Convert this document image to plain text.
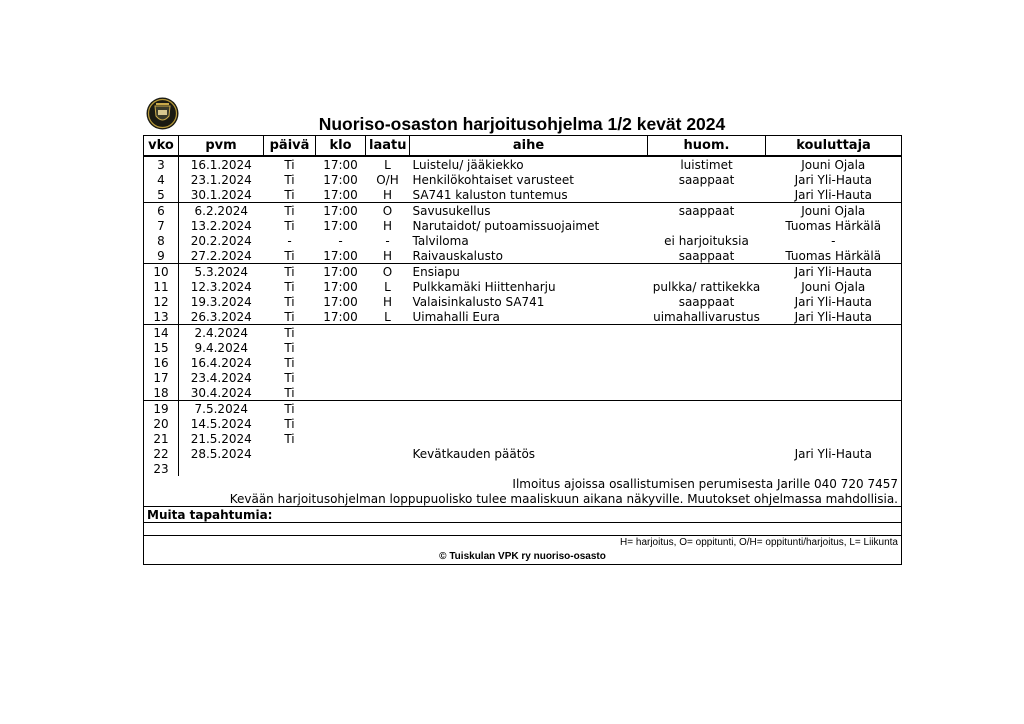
Nuoriso-osaston harjoitusohjelma 1/2 kevät 2024
vko	pvm	päivä	klo	laatu	aihe	huom.	kouluttaja
3	16.1.2024	Ti	17:00	L	Luistelu/ jääkiekko	luistimet	Jouni Ojala
4	23.1.2024	Ti	17:00	O/H	Henkilökohtaiset varusteet	saappaat	Jari Yli-Hauta
5	30.1.2024	Ti	17:00	H	SA741 kaluston tuntemus		Jari Yli-Hauta
6	6.2.2024	Ti	17:00	O	Savusukellus	saappaat	Jouni Ojala
7	13.2.2024	Ti	17:00	H	Narutaidot/ putoamissuojaimet		Tuomas Härkälä
8	20.2.2024	-	-	-	Talviloma	ei harjoituksia	-
9	27.2.2024	Ti	17:00	H	Raivauskalusto	saappaat	Tuomas Härkälä
10	5.3.2024	Ti	17:00	O	Ensiapu		Jari Yli-Hauta
11	12.3.2024	Ti	17:00	L	Pulkkamäki Hiittenharju	pulkka/ rattikekka	Jouni Ojala
12	19.3.2024	Ti	17:00	H	Valaisinkalusto SA741	saappaat	Jari Yli-Hauta
13	26.3.2024	Ti	17:00	L	Uimahalli Eura	uimahallivarustus	Jari Yli-Hauta
14	2.4.2024	Ti					
15	9.4.2024	Ti					
16	16.4.2024	Ti					
17	23.4.2024	Ti					
18	30.4.2024	Ti					
19	7.5.2024	Ti					
20	14.5.2024	Ti					
21	21.5.2024	Ti					
22	28.5.2024				Kevätkauden päätös		Jari Yli-Hauta
23							
Ilmoitus ajoissa osallistumisen perumisesta Jarille 040 720 7457							
Kevään harjoitusohjelman loppupuolisko tulee maaliskuun aikana näkyville. Muutokset ohjelmassa mahdollisia.							
Muita tapahtumia:							

H= harjoitus, O= oppitunti, O/H= oppitunti/harjoitus, L= Liikunta							
© Tuiskulan VPK ry nuoriso-osasto							
